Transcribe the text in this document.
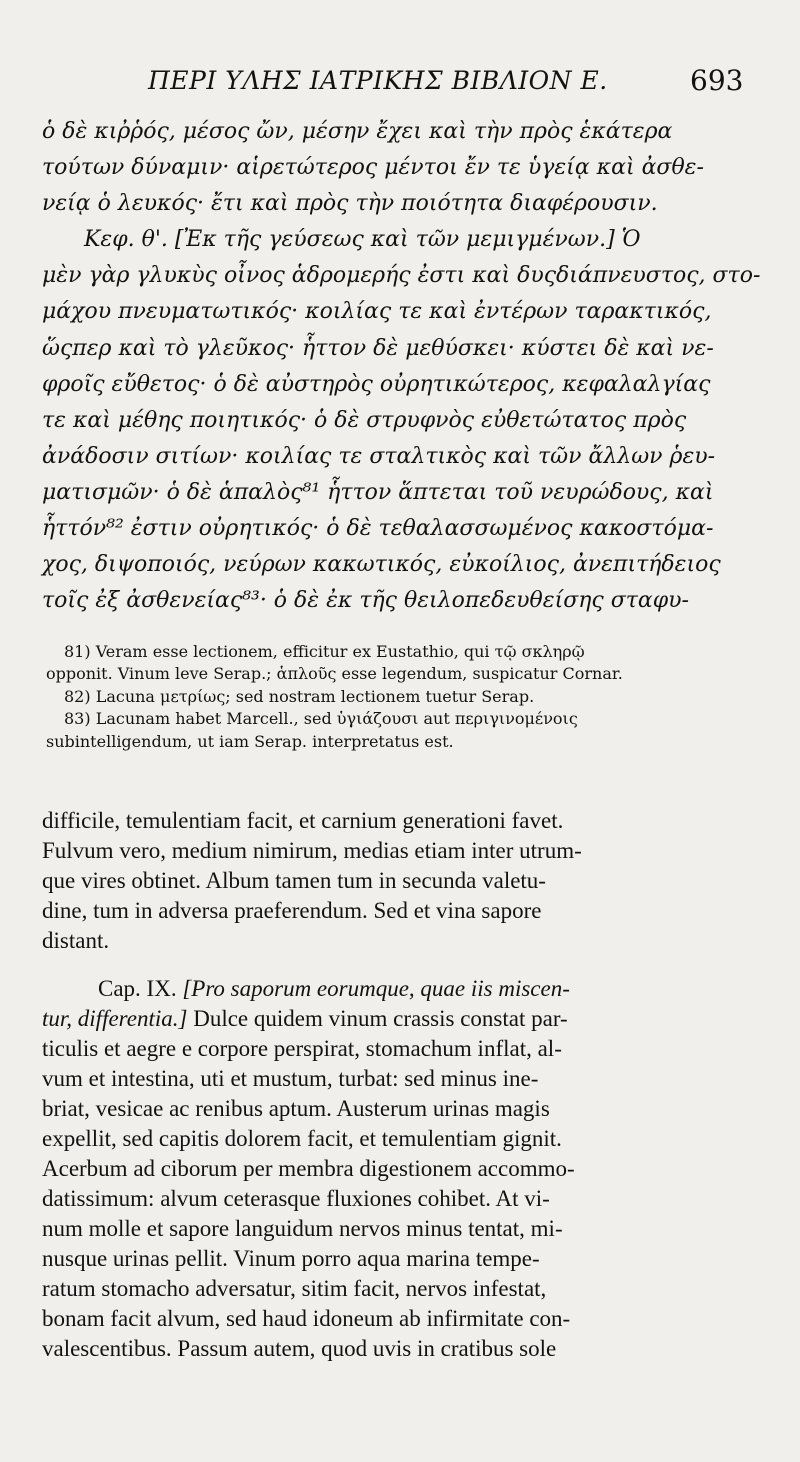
ΠΕΡΙ ΥΛΗΣ ΙΑΤΡΙΚΗΣ ΒΙΒΛΙΟΝ Ε.	693

ὁ δὲ κιῤῥός, μέσος ὤν, μέσην ἔχει καὶ τὴν πρὸς ἑκάτερα

τούτων δύναμιν· αἱρετώτερος μέντοι ἔν τε ὑγείᾳ καὶ ἀσθε-

νείᾳ ὁ λευκός· ἔτι καὶ πρὸς τὴν ποιότητα διαφέρουσιν.

Κεφ. θ'. [Ἐκ τῆς γεύσεως καὶ τῶν μεμιγμένων.] Ὁ

μὲν γὰρ γλυκὺς οἶνος ἁδρομερής ἐστι καὶ δυςδιάπνευστος, στο-

μάχου πνευματωτικός· κοιλίας τε καὶ ἐντέρων ταρακτικός,

ὥςπερ καὶ τὸ γλεῦκος· ἧττον δὲ μεθύσκει· κύστει δὲ καὶ νε-

φροῖς εὔθετος· ὁ δὲ αὐστηρὸς οὐρητικώτερος, κεφαλαλγίας

τε καὶ μέθης ποιητικός· ὁ δὲ στρυφνὸς εὐθετώτατος πρὸς

ἀνάδοσιν σιτίων· κοιλίας τε σταλτικὸς καὶ τῶν ἄλλων ῥευ-

ματισμῶν· ὁ δὲ ἁπαλὸς⁸¹ ἧττον ἅπτεται τοῦ νευρώδους, καὶ

ἧττόν⁸² ἐστιν οὐρητικός· ὁ δὲ τεθαλασσωμένος κακοστόμα-

χος, διψοποιός, νεύρων κακωτικός, εὐκοίλιος, ἀνεπιτήδειος

τοῖς ἐξ ἀσθενείας⁸³· ὁ δὲ ἐκ τῆς θειλοπεδευθείσης σταφυ-

81) Veram esse lectionem, efficitur ex Eustathio, qui τῷ σκληρῷ

opponit. Vinum leve Serap.; ἁπλοῦς esse legendum, suspicatur Cornar.

82) Lacuna μετρίως; sed nostram lectionem tuetur Serap.

83) Lacunam habet Marcell., sed ὑγιάζουσι aut περιγινομένοις

subintelligendum, ut iam Serap. interpretatus est.

difficile, temulentiam facit, et carnium generationi favet.

Fulvum vero, medium nimirum, medias etiam inter utrum-

que vires obtinet. Album tamen tum in secunda valetu-

dine, tum in adversa praeferendum. Sed et vina sapore

distant.

Cap. IX. [Pro saporum eorumque, quae iis miscen-

tur, differentia.] Dulce quidem vinum crassis constat par-

ticulis et aegre e corpore perspirat, stomachum inflat, al-

vum et intestina, uti et mustum, turbat: sed minus ine-

briat, vesicae ac renibus aptum. Austerum urinas magis

expellit, sed capitis dolorem facit, et temulentiam gignit.

Acerbum ad ciborum per membra digestionem accommo-

datissimum: alvum ceterasque fluxiones cohibet. At vi-

num molle et sapore languidum nervos minus tentat, mi-

nusque urinas pellit. Vinum porro aqua marina tempe-

ratum stomacho adversatur, sitim facit, nervos infestat,

bonam facit alvum, sed haud idoneum ab infirmitate con-

valescentibus. Passum autem, quod uvis in cratibus sole
